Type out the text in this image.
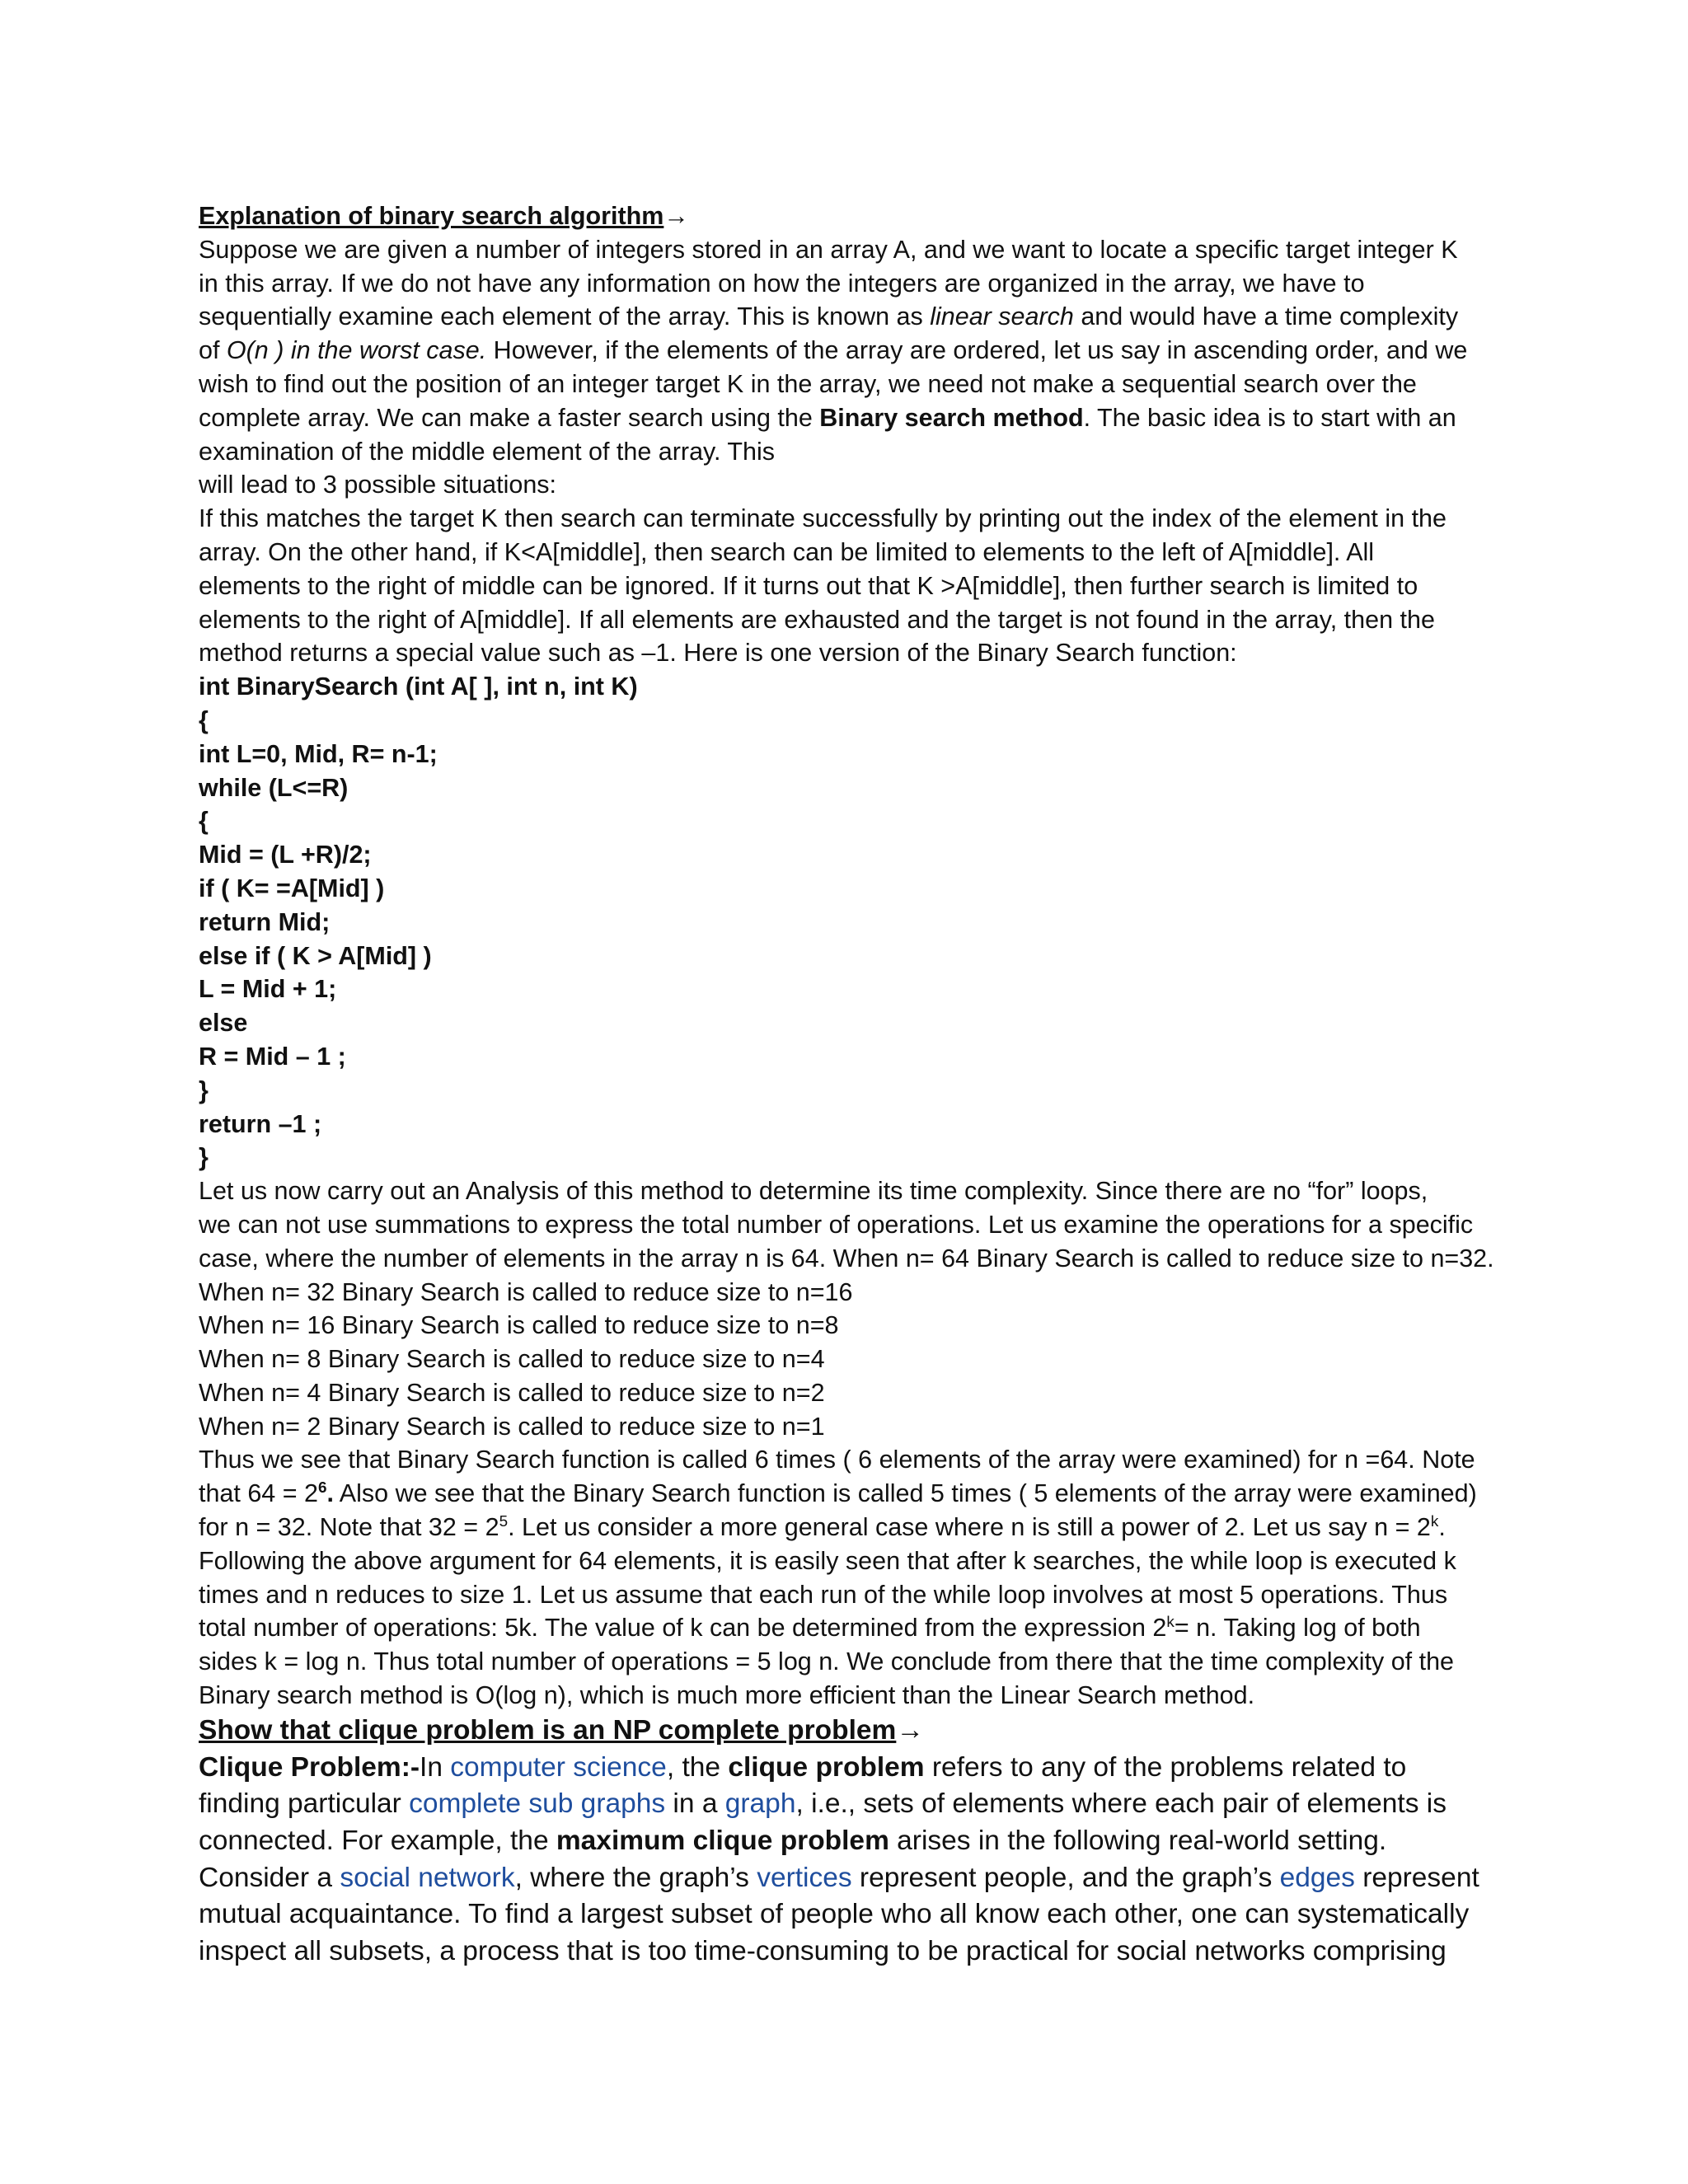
Explanation of binary search algorithm→
Suppose we are given a number of integers stored in an array A, and we want to locate a specific target integer K
in this array. If we do not have any information on how the integers are organized in the array, we have to
sequentially examine each element of the array. This is known as linear search and would have a time complexity
of O(n ) in the worst case. However, if the elements of the array are ordered, let us say in ascending order, and we
wish to find out the position of an integer target K in the array, we need not make a sequential search over the
complete array. We can make a faster search using the Binary search method. The basic idea is to start with an
examination of the middle element of the array. This
will lead to 3 possible situations:
If this matches the target K then search can terminate successfully by printing out the index of the element in the
array. On the other hand, if K<A[middle], then search can be limited to elements to the left of A[middle]. All
elements to the right of middle can be ignored. If it turns out that K >A[middle], then further search is limited to
elements to the right of A[middle]. If all elements are exhausted and the target is not found in the array, then the
method returns a special value such as –1. Here is one version of the Binary Search function:
int BinarySearch (int A[ ], int n, int K)
{
int L=0, Mid, R= n-1;
while (L<=R)
{
Mid = (L +R)/2;
if ( K= =A[Mid] )
return Mid;
else if ( K > A[Mid] )
L = Mid + 1;
else
R = Mid – 1 ;
}
return –1 ;
}
Let us now carry out an Analysis of this method to determine its time complexity. Since there are no “for” loops,
we can not use summations to express the total number of operations. Let us examine the operations for a specific
case, where the number of elements in the array n is 64. When n= 64 Binary Search is called to reduce size to n=32.
When n= 32 Binary Search is called to reduce size to n=16
When n= 16 Binary Search is called to reduce size to n=8
When n= 8 Binary Search is called to reduce size to n=4
When n= 4 Binary Search is called to reduce size to n=2
When n= 2 Binary Search is called to reduce size to n=1
Thus we see that Binary Search function is called 6 times ( 6 elements of the array were examined) for n =64. Note
that $64 = 2^6$. Also we see that the Binary Search function is called 5 times ( 5 elements of the array were examined)
for n = 32. Note that $32 = 2^5$. Let us consider a more general case where n is still a power of 2. Let us say $n = 2^k$.
Following the above argument for 64 elements, it is easily seen that after k searches, the while loop is executed k
times and n reduces to size 1. Let us assume that each run of the while loop involves at most 5 operations. Thus
total number of operations: 5k. The value of k can be determined from the expression $2^k= n$. Taking log of both
sides k = log n. Thus total number of operations = 5 log n. We conclude from there that the time complexity of the
Binary search method is O(log n), which is much more efficient than the Linear Search method.
Show that clique problem is an NP complete problem→
Clique Problem:-In computer science, the clique problem refers to any of the problems related to
finding particular complete sub graphs in a graph, i.e., sets of elements where each pair of elements is
connected. For example, the maximum clique problem arises in the following real-world setting.
Consider a social network, where the graph’s vertices represent people, and the graph’s edges represent
mutual acquaintance. To find a largest subset of people who all know each other, one can systematically
inspect all subsets, a process that is too time-consuming to be practical for social networks comprising
